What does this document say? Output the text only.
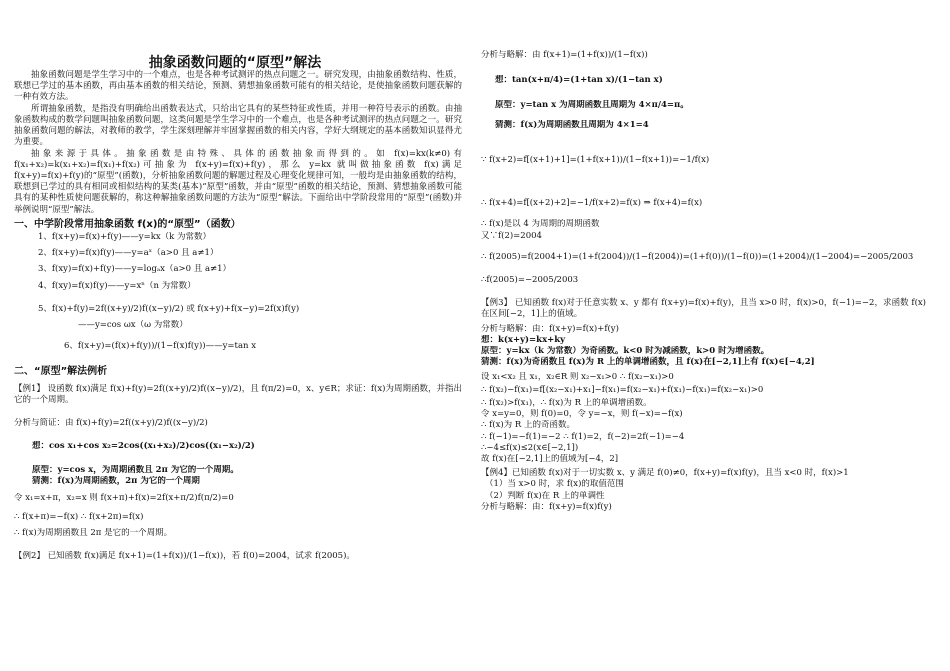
抽象函数问题的“原型”解法

抽象函数问题是学生学习中的一个难点，也是各种考试测评的热点问题之一。研究发现，由抽象函数结构、性质，联想已学过的基本函数，再由基本函数的相关结论，预测、猜想抽象函数可能有的相关结论，是使抽象函数问题获解的一种有效方法。

所谓抽象函数，是指没有明确给出函数表达式，只给出它具有的某些特征或性质，并用一种符号表示的函数。由抽象函数构成的数学问题叫抽象函数问题，这类问题是学生学习中的一个难点，也是各种考试测评的热点问题之一。研究抽象函数问题的解法，对教师的教学，学生深刻理解并牢固掌握函数的相关内容，学好大纲规定的基本函数知识显得尤为重要。

抽象来源于具体。抽象函数是由特殊、具体的函数抽象而得到的。如 f(x)=kx(k≠0)有 f(x₁+x₂)=k(x₁+x₂)=f(x₁)+f(x₂)可抽象为 f(x+y)=f(x)+f(y)，那么 y=kx 就叫做抽象函数 f(x)满足 f(x+y)=f(x)+f(y)的“原型”(函数)，分析抽象函数问题的解题过程及心理变化规律可知，一般均是由抽象函数的结构，联想到已学过的具有相同或相似结构的某类(基本)“原型”函数，并由“原型”函数的相关结论，预测、猜想抽象函数可能具有的某种性质使问题获解的，称这种解抽象函数问题的方法为“原型”解法。下面给出中学阶段常用的“原型”(函数)并举例说明“原型”解法。

一、中学阶段常用抽象函数 f(x)的“原型”（函数）

1、f(x+y)=f(x)+f(y)——y=kx（k 为常数）

2、f(x+y)=f(x)f(y)——y=aˣ（a>0 且 a≠1）

3、f(xy)=f(x)+f(y)——y=logₐx（a>0 且 a≠1）

4、f(xy)=f(x)f(y)——y=xⁿ（n 为常数）

5、f(x)+f(y)=2f((x+y)/2)f((x−y)/2) 或 f(x+y)+f(x−y)=2f(x)f(y)

——y=cos ωx（ω 为常数）

6、f(x+y)=(f(x)+f(y))/(1−f(x)f(y))——y=tan x

二、“原型”解法例析

【例1】 设函数 f(x)满足 f(x)+f(y)=2f((x+y)/2)f((x−y)/2)，且 f(π/2)=0，x、y∈R；求证：f(x)为周期函数，并指出它的一个周期。

分析与简证：由 f(x)+f(y)=2f((x+y)/2)f((x−y)/2)

想：cos x₁+cos x₂=2cos((x₁+x₂)/2)cos((x₁−x₂)/2)

原型：y=cos x，为周期函数且 2π 为它的一个周期。

猜测：f(x)为周期函数，2π 为它的一个周期

令 x₁=x+π，x₂=x 则 f(x+π)+f(x)=2f(x+π/2)f(π/2)=0

∴ f(x+π)=−f(x) ∴ f(x+2π)=f(x)

∴ f(x)为周期函数且 2π 是它的一个周期。

【例2】 已知函数 f(x)满足 f(x+1)=(1+f(x))/(1−f(x))，若 f(0)=2004，试求 f(2005)。

分析与略解：由 f(x+1)=(1+f(x))/(1−f(x))

想：tan(x+π/4)=(1+tan x)/(1−tan x)

原型：y=tan x 为周期函数且周期为 4×π/4=π。

猜测：f(x)为周期函数且周期为 4×1=4

∵ f(x+2)=f[(x+1)+1]=(1+f(x+1))/(1−f(x+1))=−1/f(x)

∴ f(x+4)=f[(x+2)+2]=−1/f(x+2)=f(x) ⇒ f(x+4)=f(x)

∴ f(x)是以 4 为周期的周期函数

又∵f(2)=2004

∴ f(2005)=f(2004+1)=(1+f(2004))/(1−f(2004))=(1+f(0))/(1−f(0))=(1+2004)/(1−2004)=−2005/2003

∴f(2005)=−2005/2003

【例3】 已知函数 f(x)对于任意实数 x、y 都有 f(x+y)=f(x)+f(y)，且当 x>0 时，f(x)>0，f(−1)=−2，求函数 f(x)在区间[−2，1]上的值域。

分析与略解：由：f(x+y)=f(x)+f(y)

想：k(x+y)=kx+ky

原型：y=kx（k 为常数）为奇函数。k<0 时为减函数，k>0 时为增函数。

猜测：f(x)为奇函数且 f(x)为 R 上的单调增函数，且 f(x)在[−2,1]上有 f(x)∈[−4,2]

设 x₁<x₂ 且 x₁，x₂∈R 则 x₂−x₁>0 ∴ f(x₂−x₁)>0

∴ f(x₂)−f(x₁)=f[(x₂−x₁)+x₁]−f(x₁)=f(x₂−x₁)+f(x₁)−f(x₁)=f(x₂−x₁)>0

∴ f(x₂)>f(x₁)，∴ f(x)为 R 上的单调增函数。

令 x=y=0，则 f(0)=0，令 y=−x，则 f(−x)=−f(x)

∴ f(x)为 R 上的奇函数。

∴ f(−1)=−f(1)=−2 ∴ f(1)=2，f(−2)=2f(−1)=−4

∴−4≤f(x)≤2(x∈[−2,1])

故 f(x)在[−2,1]上的值域为[−4，2]

【例4】已知函数 f(x)对于一切实数 x、y 满足 f(0)≠0，f(x+y)=f(x)f(y)，且当 x<0 时，f(x)>1

（1）当 x>0 时，求 f(x)的取值范围

（2）判断 f(x)在 R 上的单调性

分析与略解：由：f(x+y)=f(x)f(y)
